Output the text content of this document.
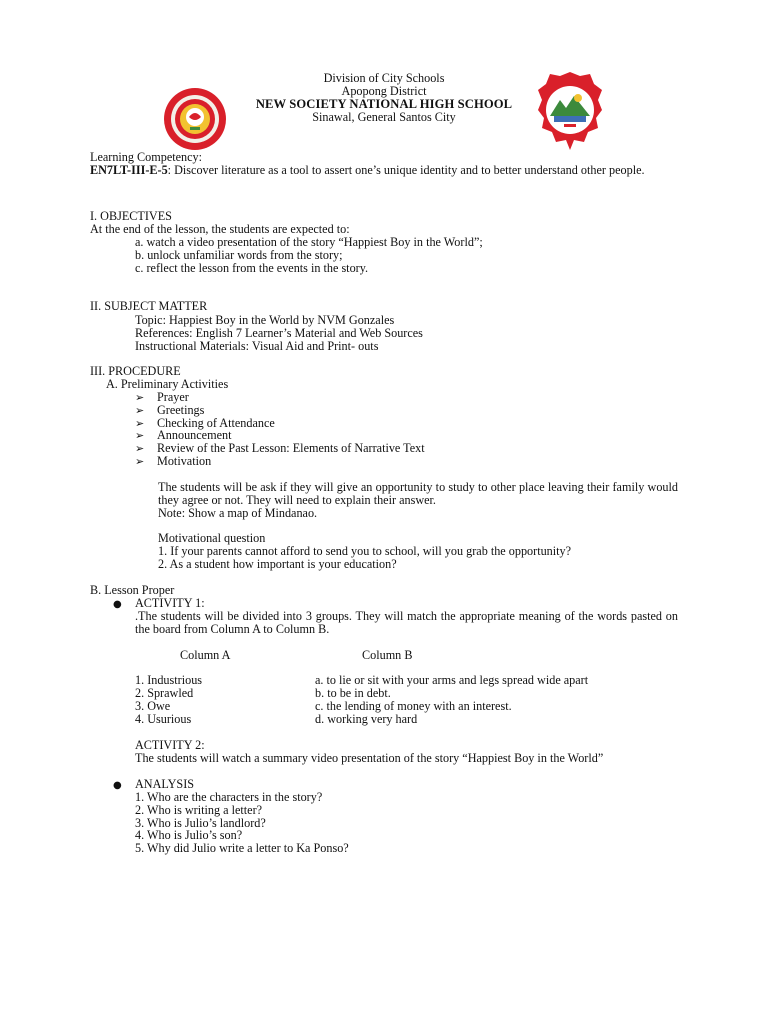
Division of City Schools
Apopong District
NEW SOCIETY NATIONAL HIGH SCHOOL
Sinawal, General Santos City
Learning Competency:
EN7LT-III-E-5: Discover literature as a tool to assert one’s unique identity and to better understand other people.
I. OBJECTIVES
At the end of the lesson, the students are expected to:
a. watch a video presentation of the story “Happiest Boy in the World”;
b. unlock unfamiliar words from the story;
c. reflect the lesson from the events in the story.
II. SUBJECT MATTER
Topic: Happiest Boy in the World by NVM Gonzales
References: English 7 Learner’s Material and Web Sources
Instructional Materials: Visual Aid and Print- outs
III. PROCEDURE
A. Preliminary Activities
➢ Prayer
➢ Greetings
➢ Checking of Attendance
➢ Announcement
➢ Review of the Past Lesson: Elements of Narrative Text
➢ Motivation
The students will be ask if they will give an opportunity to study to other place leaving their family would they agree or not. They will need to explain their answer.
Note: Show a map of Mindanao.
Motivational question
1. If your parents cannot afford to send you to school, will you grab the opportunity?
2. As a student how important is your education?
B. Lesson Proper
● ACTIVITY 1:
.The students will be divided into 3 groups. They will match the appropriate meaning of the words pasted on the board from Column A to Column B.
Column A	Column B
1. Industrious
2. Sprawled
3. Owe
4. Usurious
a. to lie or sit with your arms and legs spread wide apart
b. to be in debt.
c. the lending of money with an interest.
d. working very hard
ACTIVITY 2:
The students will watch a summary video presentation of the story “Happiest Boy in the World”
● ANALYSIS
1. Who are the characters in the story?
2. Who is writing a letter?
3. Who is Julio’s landlord?
4. Who is Julio’s son?
5. Why did Julio write a letter to Ka Ponso?
